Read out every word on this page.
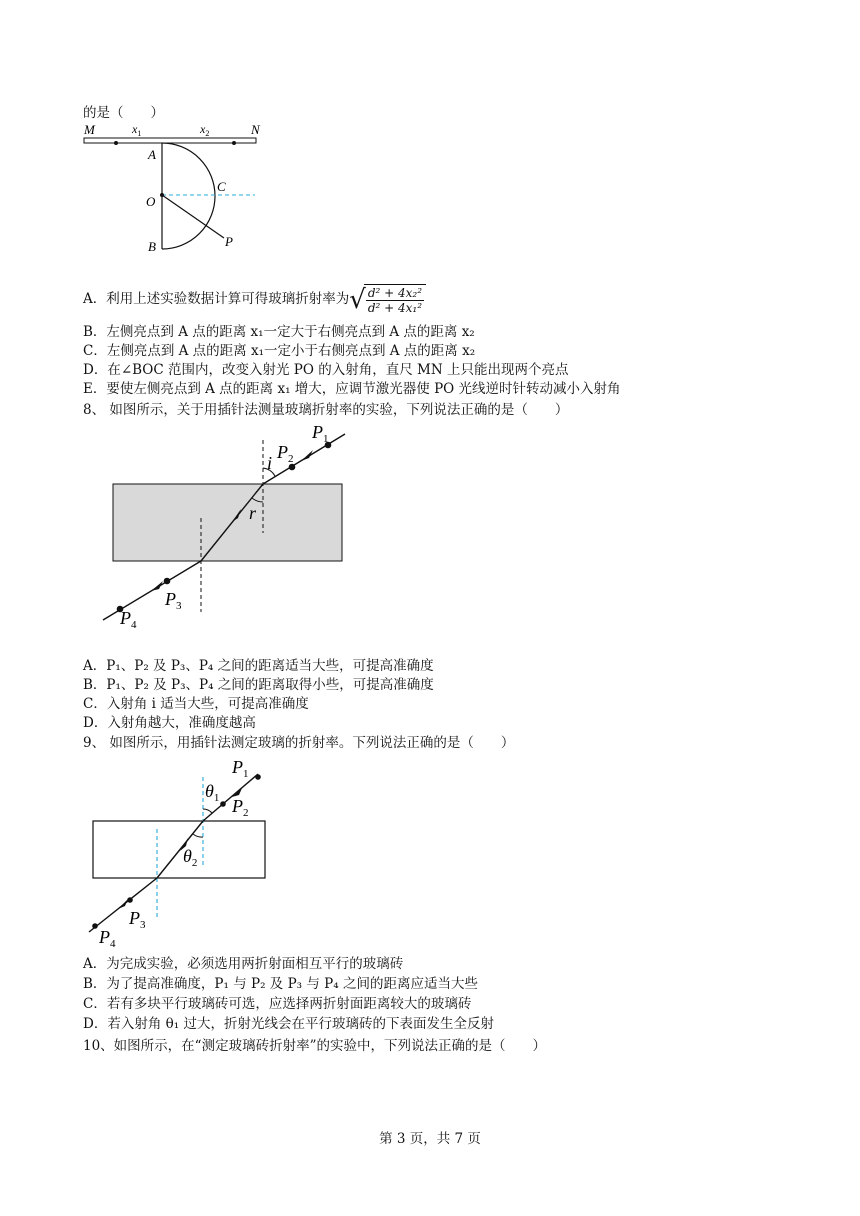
的是（　　）
M	N
$x_1$	$x_2$
A
O
B
C
P
A．利用上述实验数据计算可得玻璃折射率为√ $\frac{\text{d² + 4x₂²}}{\text{d² + 4x₁²}}$
B．左侧亮点到 A 点的距离 x₁一定大于右侧亮点到 A 点的距离 x₂
C．左侧亮点到 A 点的距离 x₁一定小于右侧亮点到 A 点的距离 x₂
D．在∠BOC 范围内，改变入射光 PO 的入射角，直尺 MN 上只能出现两个亮点
E．要使左侧亮点到 A 点的距离 x₁ 增大，应调节激光器使 PO 光线逆时针转动减小入射角
8、 如图所示，关于用插针法测量玻璃折射率的实验，下列说法正确的是（　　）
$P_1$
$P_2$
$P_3$
$P_4$
i
r
A．P₁、P₂ 及 P₃、P₄ 之间的距离适当大些，可提高准确度
B．P₁、P₂ 及 P₃、P₄ 之间的距离取得小些，可提高准确度
C．入射角 i 适当大些，可提高准确度
D．入射角越大，准确度越高
9、 如图所示，用插针法测定玻璃的折射率。下列说法正确的是（　　）
$P_1$
$P_2$
$P_3$
$P_4$
$\theta_1$
$\theta_2$
A．为完成实验，必须选用两折射面相互平行的玻璃砖
B．为了提高准确度，P₁ 与 P₂ 及 P₃ 与 P₄ 之间的距离应适当大些
C．若有多块平行玻璃砖可选，应选择两折射面距离较大的玻璃砖
D．若入射角 θ₁ 过大，折射光线会在平行玻璃砖的下表面发生全反射
10、如图所示，在“测定玻璃砖折射率”的实验中，下列说法正确的是（　　）
第 3 页，共 7 页
